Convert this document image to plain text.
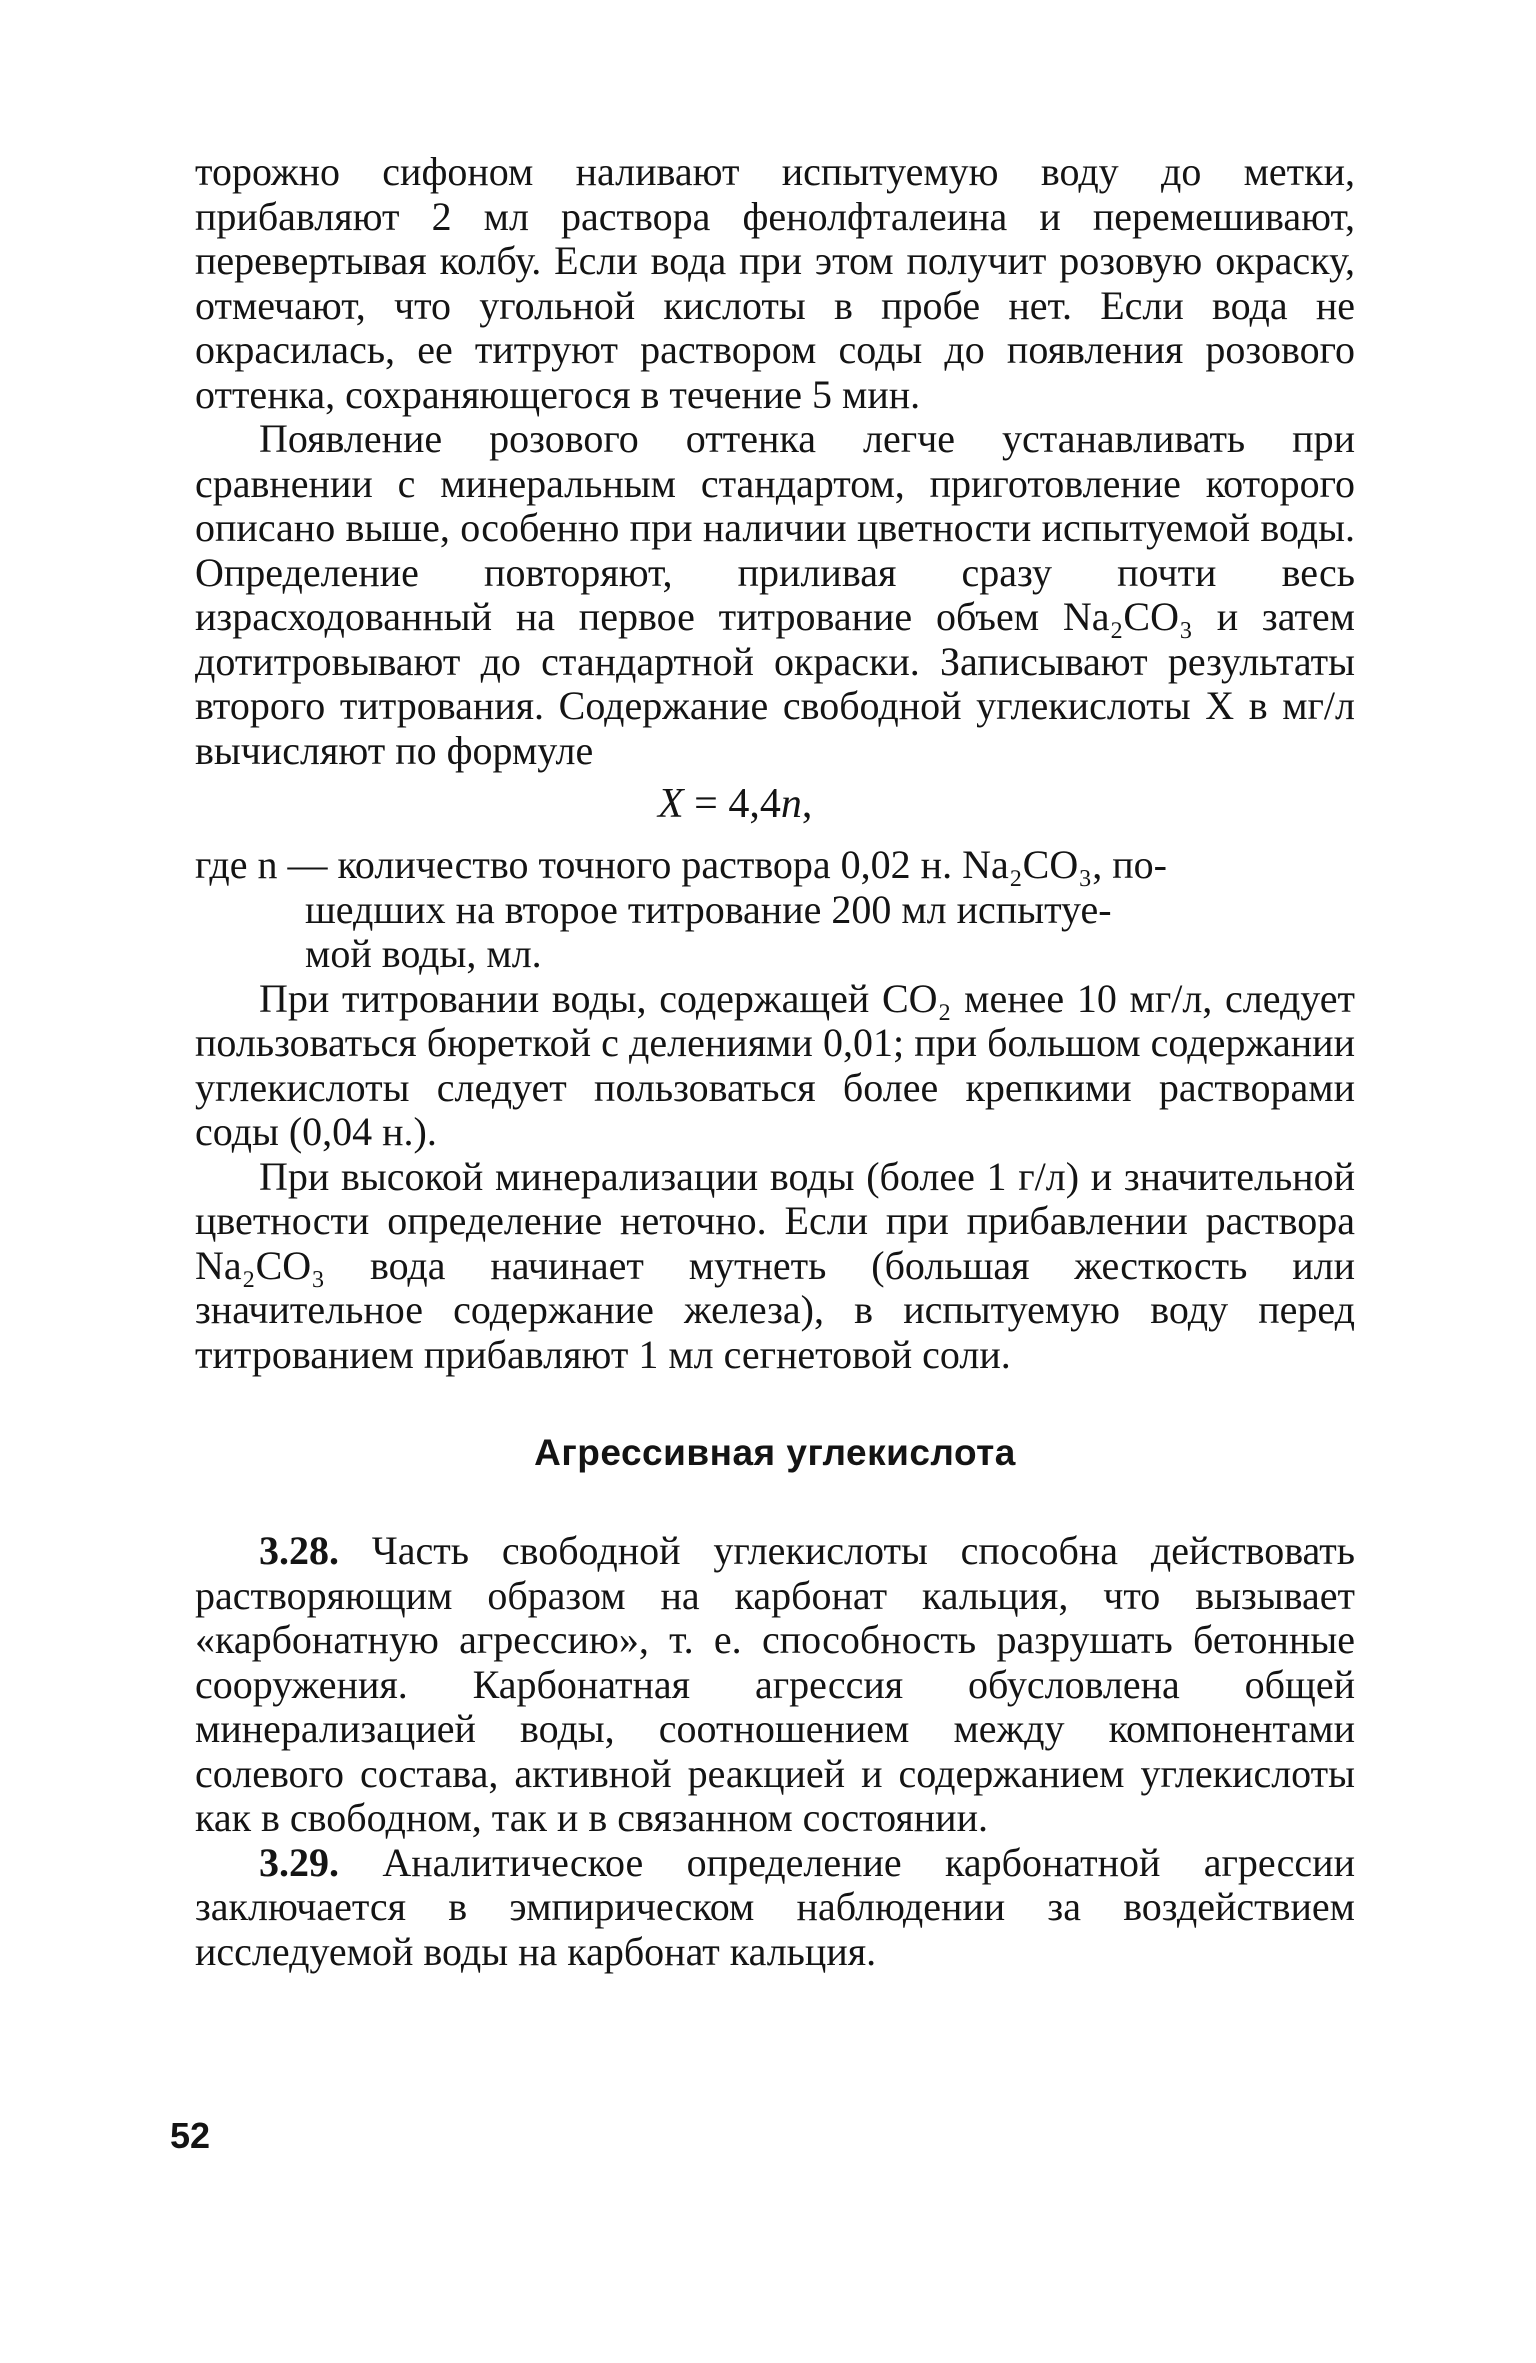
торожно сифоном наливают испытуемую воду до метки, прибавляют 2 мл раствора фенолфталеина и перемешивают, перевертывая колбу. Если вода при этом получит розовую окраску, отмечают, что угольной кислоты в пробе нет. Если вода не окрасилась, ее титруют раствором соды до появления розового оттенка, сохраняющегося в течение 5 мин.

Появление розового оттенка легче устанавливать при сравнении с минеральным стандартом, приготовление которого описано выше, особенно при наличии цветности испытуемой воды. Определение повторяют, приливая сразу почти весь израсходованный на первое титрование объем Na₂CO₃ и затем дотитровывают до стандартной окраски. Записывают результаты второго титрования. Содержание свободной углекислоты X в мг/л вычисляют по формуле

X = 4,4n,

где n — количество точного раствора 0,02 н. Na₂CO₃, по-

шедших на второе титрование 200 мл испытуе-

мой воды, мл.

При титровании воды, содержащей CO₂ менее 10 мг/л, следует пользоваться бюреткой с делениями 0,01; при большом содержании углекислоты следует пользоваться более крепкими растворами соды (0,04 н.).

При высокой минерализации воды (более 1 г/л) и значительной цветности определение неточно. Если при прибавлении раствора Na₂CO₃ вода начинает мутнеть (большая жесткость или значительное содержание железа), в испытуемую воду перед титрованием прибавляют 1 мл сегнетовой соли.

Агрессивная углекислота

3.28. Часть свободной углекислоты способна действовать растворяющим образом на карбонат кальция, что вызывает «карбонатную агрессию», т. е. способность разрушать бетонные сооружения. Карбонатная агрессия обусловлена общей минерализацией воды, соотношением между компонентами солевого состава, активной реакцией и содержанием углекислоты как в свободном, так и в связанном состоянии.

3.29. Аналитическое определение карбонатной агрессии заключается в эмпирическом наблюдении за воздействием исследуемой воды на карбонат кальция.

52
